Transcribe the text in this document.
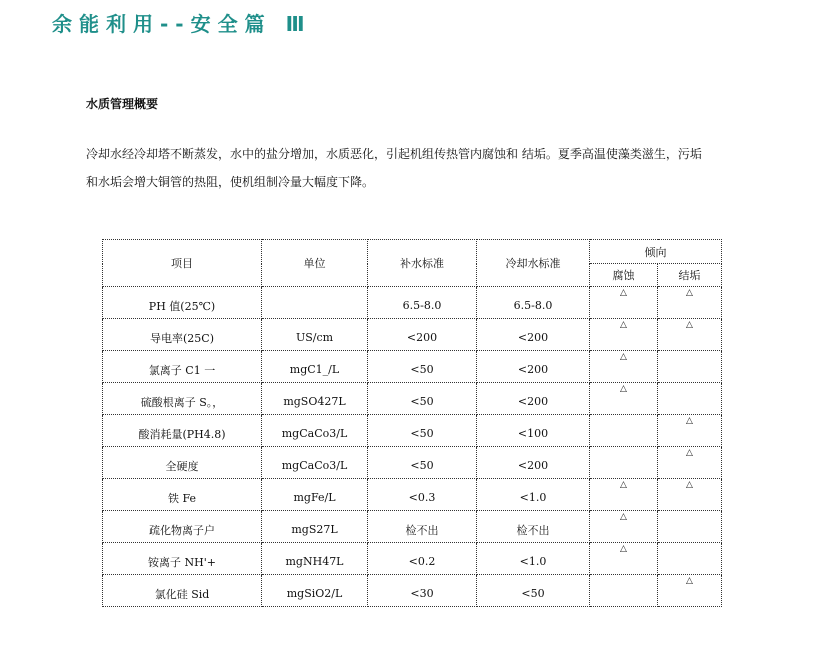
余能利用--安全篇 Ⅲ
水质管理概要
冷却水经冷却塔不断蒸发，水中的盐分增加，水质恶化，引起机组传热管内腐蚀和 结垢。夏季高温使藻类滋生，污垢
和水垢会增大铜管的热阻，使机组制冷量大幅度下降。
项目	单位	补水标准	冷却水标准	倾向	
				腐蚀	结垢
PH 值(25℃)		6.5-8.0	6.5-8.0	△	△

导电率(25C)	US/cm	<200	<200	△	△

氯离子 C1 一	mgC1_/L	<50	<200	△	

硫酸根离子 S。，	mgSO427L	<50	<200	△	

酸消耗量(PH4.8)	mgCaCo3/L	<50	<100		△

全硬度	mgCaCo3/L	<50	<200		△

铁 Fe	mgFe/L	<0.3	<1.0	△	△

疏化物离子户	mgS27L	检不出	检不出	△	

铵离子 NH'+	mgNH47L	<0.2	<1.0	△	

氯化硅 Sid	mgSiO2/L	<30	<50		△
